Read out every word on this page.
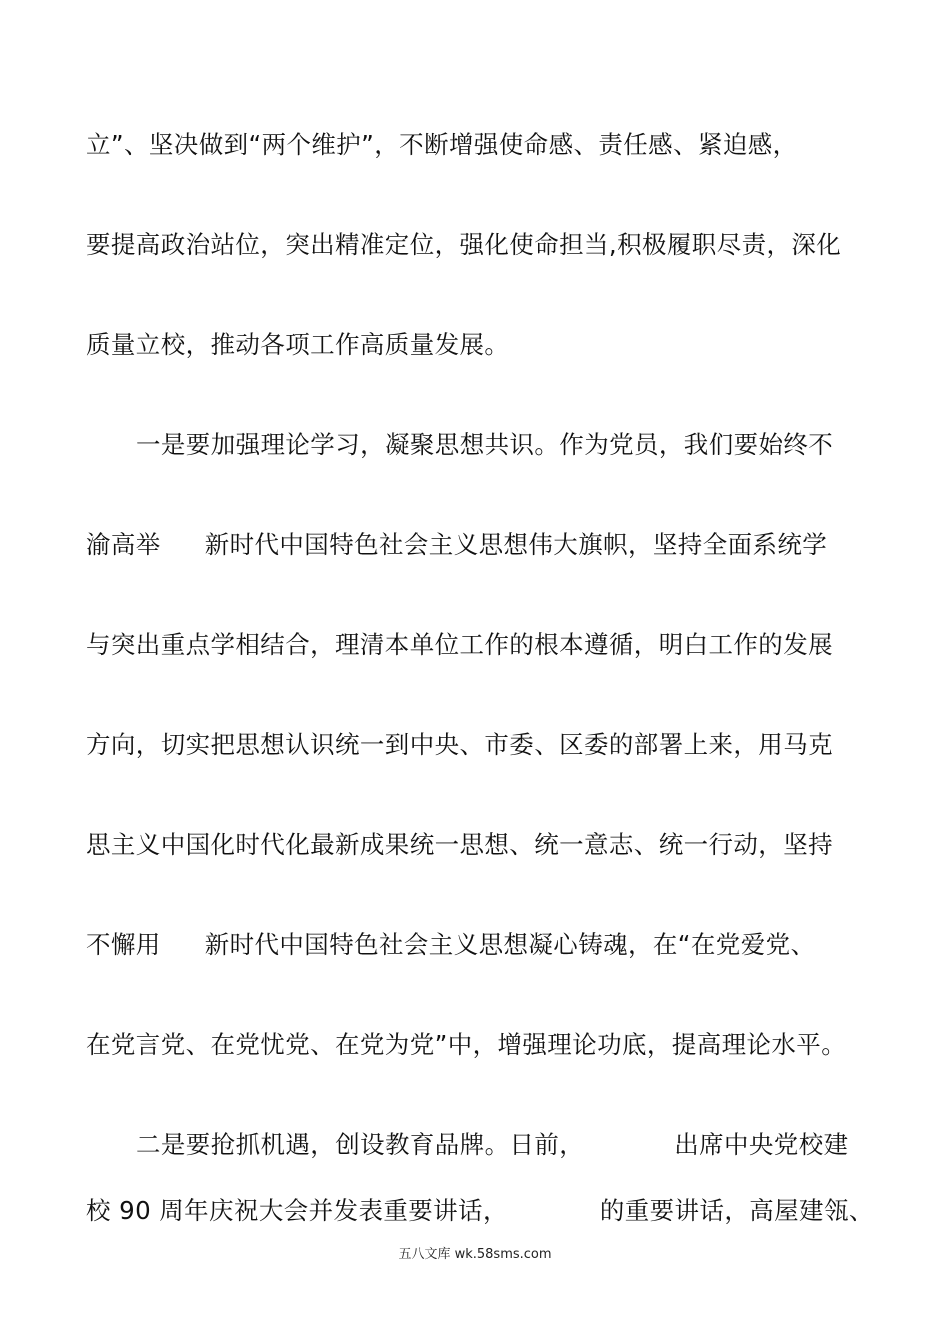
立”、坚决做到“两个维护”，不断增强使命感、责任感、紧迫感，
要提高政治站位，突出精准定位，强化使命担当,积极履职尽责，深化
质量立校，推动各项工作高质量发展。
一是要加强理论学习，凝聚思想共识。作为党员，我们要始终不
渝高举 新时代中国特色社会主义思想伟大旗帜，坚持全面系统学
与突出重点学相结合，理清本单位工作的根本遵循，明白工作的发展
方向，切实把思想认识统一到中央、市委、区委的部署上来，用马克
思主义中国化时代化最新成果统一思想、统一意志、统一行动，坚持
不懈用 新时代中国特色社会主义思想凝心铸魂，在“在党爱党、
在党言党、在党忧党、在党为党”中，增强理论功底，提高理论水平。
二是要抢抓机遇，创设教育品牌。日前，	出席中央党校建
校 90 周年庆祝大会并发表重要讲话，	的重要讲话，高屋建瓴、
五八文库 wk.58sms.com
